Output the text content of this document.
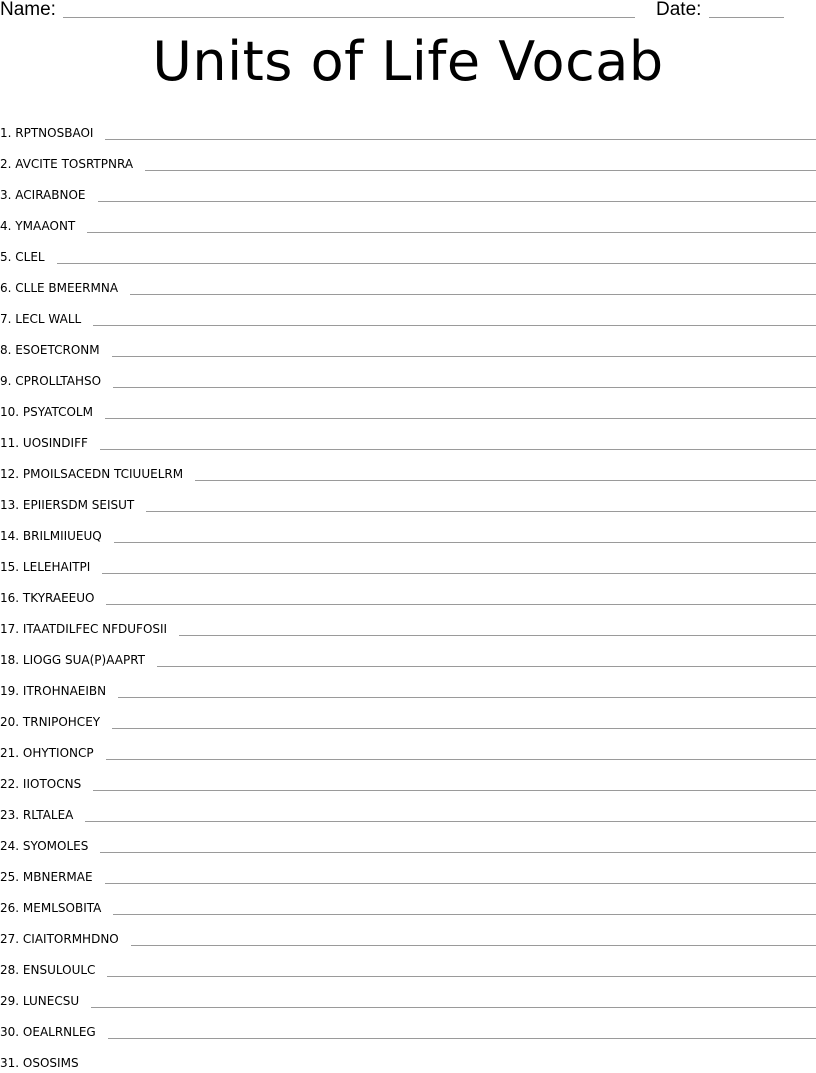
Name:	Date:
Units of Life Vocab
1. RPTNOSBAOI
2. AVCITE TOSRTPNRA
3. ACIRABNOE
4. YMAAONT
5. CLEL
6. CLLE BMEERMNA
7. LECL WALL
8. ESOETCRONM
9. CPROLLTAHSO
10. PSYATCOLM
11. UOSINDIFF
12. PMOILSACEDN TCIUUELRM
13. EPIIERSDM SEISUT
14. BRILMIIUEUQ
15. LELEHAITPI
16. TKYRAEEUO
17. ITAATDILFEC NFDUFOSII
18. LIOGG SUA(P)AAPRT
19. ITROHNAEIBN
20. TRNIPOHCEY
21. OHYTIONCP
22. IIOTOCNS
23. RLTALEA
24. SYOMOLES
25. MBNERMAE
26. MEMLSOBITA
27. CIAITORMHDNO
28. ENSULOULC
29. LUNECSU
30. OEALRNLEG
31. OSOSIMS
